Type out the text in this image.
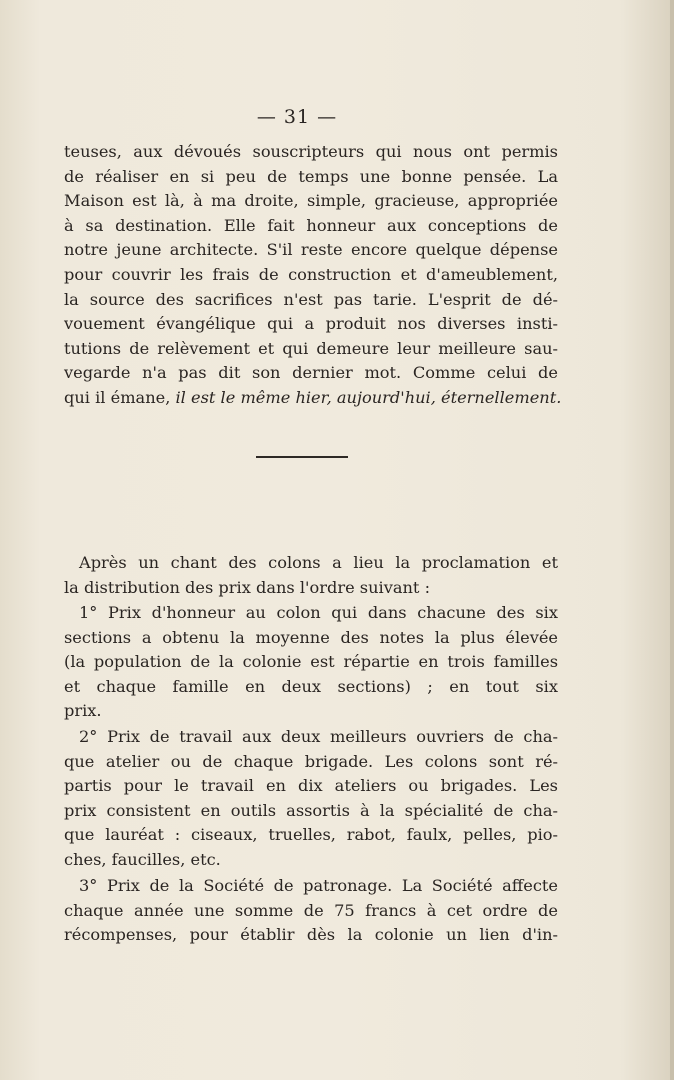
— 31 —
teuses, aux dévoués souscripteurs qui nous ont permis
de réaliser en si peu de temps une bonne pensée. La
Maison est là, à ma droite, simple, gracieuse, appropriée
à sa destination. Elle fait honneur aux conceptions de
notre jeune architecte. S'il reste encore quelque dépense
pour couvrir les frais de construction et d'ameublement,
la source des sacrifices n'est pas tarie. L'esprit de dé-
vouement évangélique qui a produit nos diverses insti-
tutions de relèvement et qui demeure leur meilleure sau-
vegarde n'a pas dit son dernier mot. Comme celui de
qui il émane, il est le même hier, aujourd'hui, éternellement.
Après un chant des colons a lieu la proclamation et
la distribution des prix dans l'ordre suivant :
1° Prix d'honneur au colon qui dans chacune des six
sections a obtenu la moyenne des notes la plus élevée
(la population de la colonie est répartie en trois familles
et chaque famille en deux sections) ; en tout six
prix.
2° Prix de travail aux deux meilleurs ouvriers de cha-
que atelier ou de chaque brigade. Les colons sont ré-
partis pour le travail en dix ateliers ou brigades. Les
prix consistent en outils assortis à la spécialité de cha-
que lauréat : ciseaux, truelles, rabot, faulx, pelles, pio-
ches, faucilles, etc.
3° Prix de la Société de patronage. La Société affecte
chaque année une somme de 75 francs à cet ordre de
récompenses, pour établir dès la colonie un lien d'in-
